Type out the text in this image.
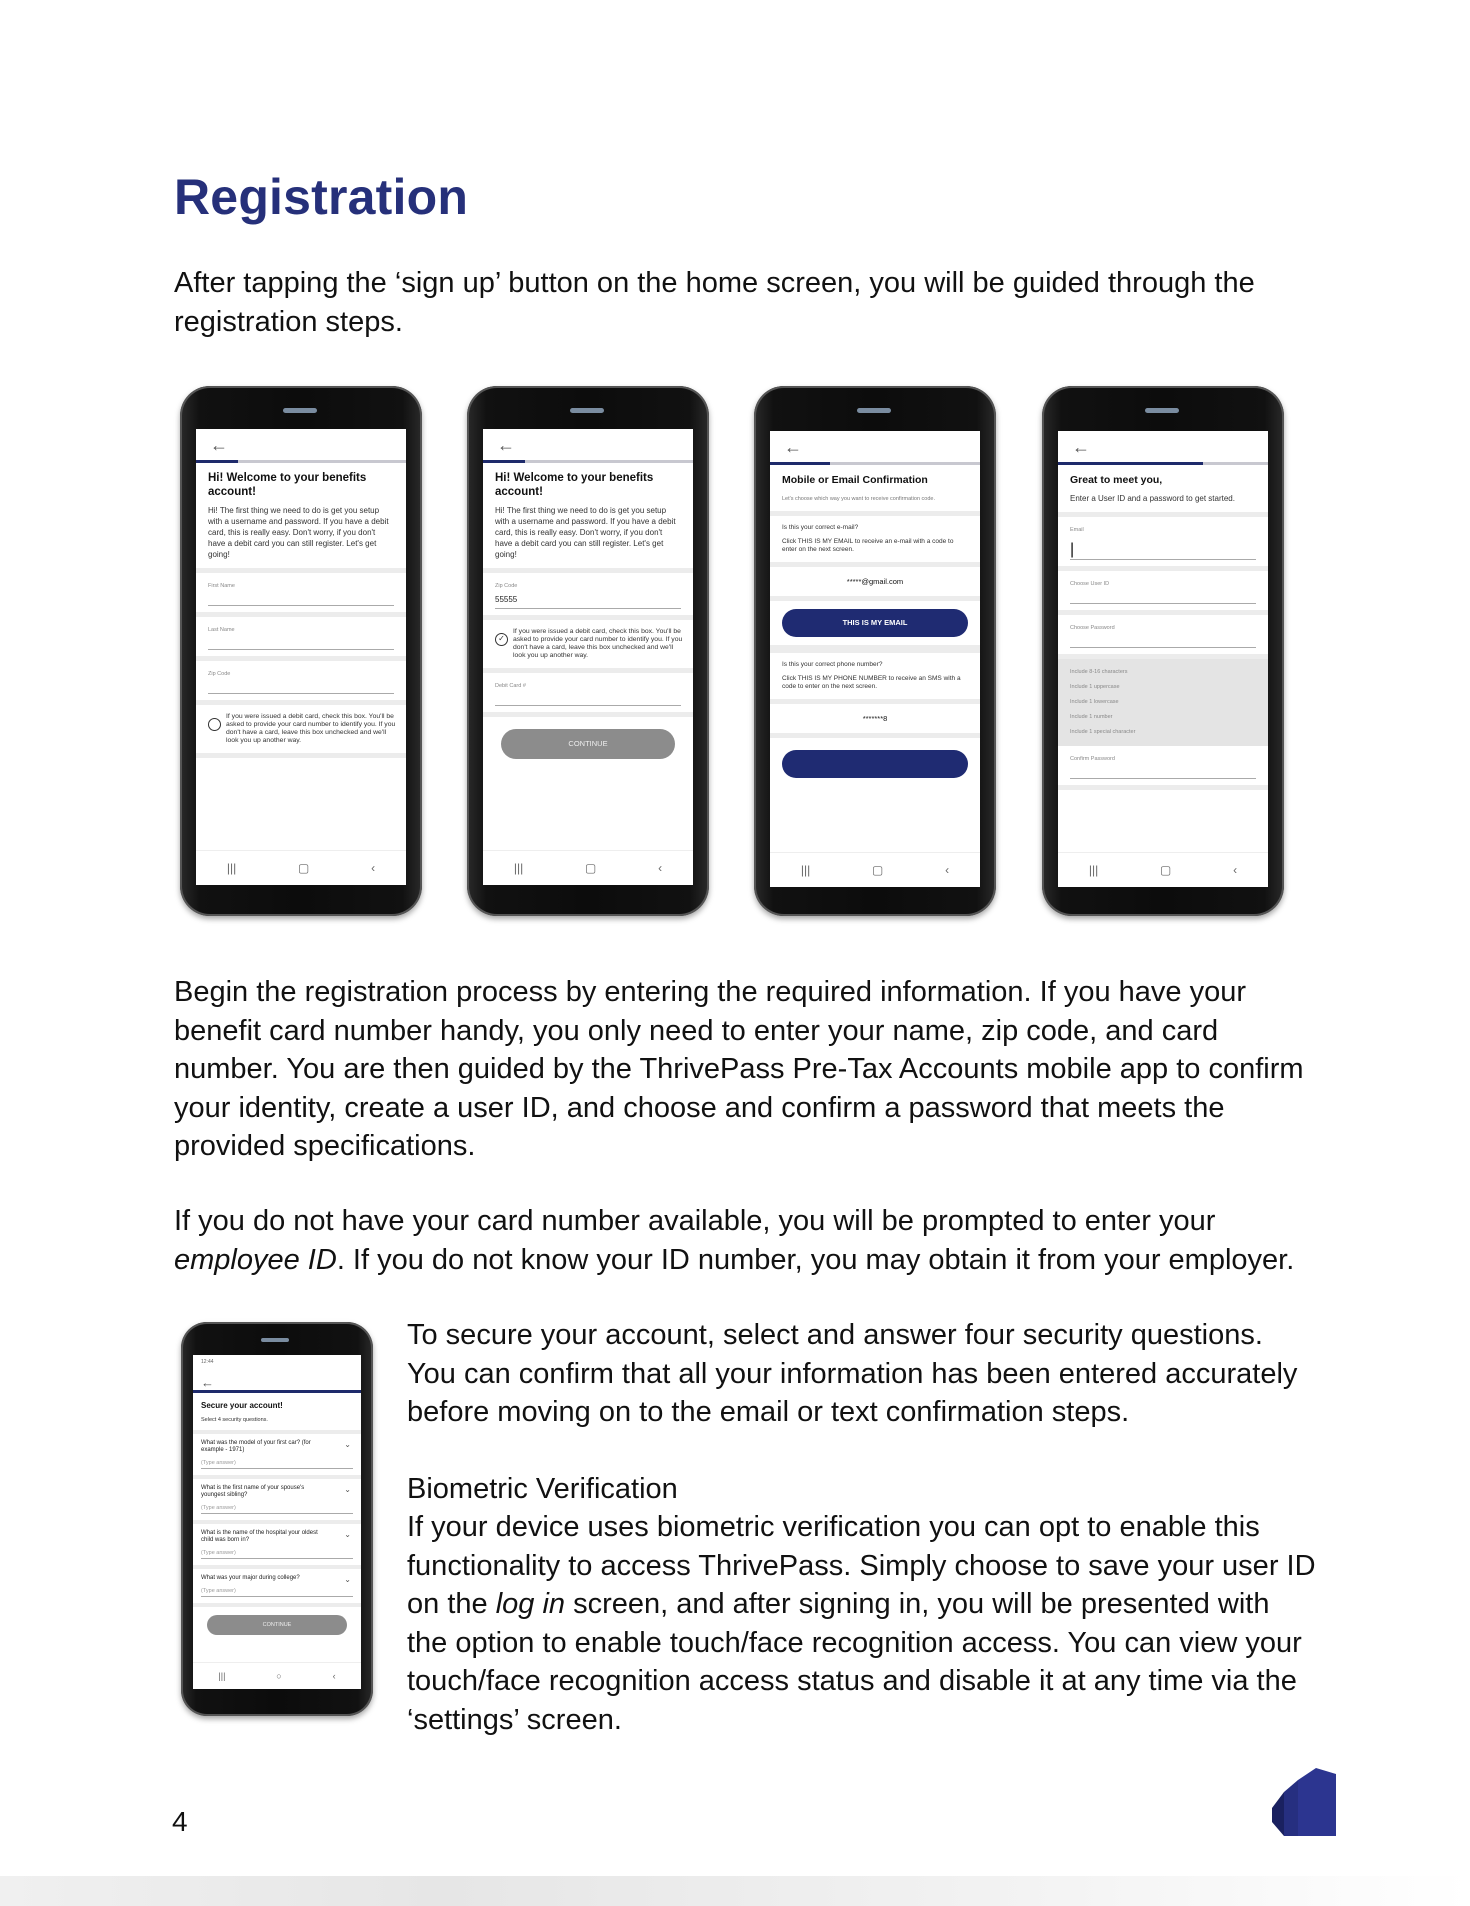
Registration

After tapping the ‘sign up’ button on the home screen, you will be guided through the registration steps.

←
Hi! Welcome to your benefits account!
Hi! The first thing we need to do is get you setup with a username and password. If you have a debit card, this is really easy. Don't worry, if you don't have a debit card you can still register. Let's get going!
First Name
Last Name
Zip Code
If you were issued a debit card, check this box. You'll be asked to provide your card number to identify you. If you don't have a card, leave this box unchecked and we'll look you up another way.
|||	▢	‹
←
Hi! Welcome to your benefits account!
Hi! The first thing we need to do is get you setup with a username and password. If you have a debit card, this is really easy. Don't worry, if you don't have a debit card you can still register. Let's get going!
Zip Code
55555
✓
If you were issued a debit card, check this box. You'll be asked to provide your card number to identify you. If you don't have a card, leave this box unchecked and we'll look you up another way.
Debit Card #
CONTINUE
|||	▢	‹
←
Mobile or Email Confirmation
Let's choose which way you want to receive confirmation code.
Is this your correct e-mail?
Click THIS IS MY EMAIL to receive an e-mail with a code to enter on the next screen.
*****@gmail.com
THIS IS MY EMAIL
Is this your correct phone number?
Click THIS IS MY PHONE NUMBER to receive an SMS with a code to enter on the next screen.
*******8
|||	▢	‹
←
Great to meet you,
Enter a User ID and a password to get started.
Email
|
Choose User ID
Choose Password
Include 8-16 characters
Include 1 uppercase
Include 1 lowercase
Include 1 number
Include 1 special character
Confirm Password
|||	▢	‹

Begin the registration process by entering the required information. If you have your benefit card number handy, you only need to enter your name, zip code, and card number. You are then guided by the ThrivePass Pre-Tax Accounts mobile app to confirm your identity, create a user ID, and choose and confirm a password that meets the provided specifications.

If you do not have your card number available, you will be prompted to enter your employee ID. If you do not know your ID number, you may obtain it from your employer.

12:44
←
Secure your account!
Select 4 security questions.
What was the model of your first car? (for example - 1971)
⌄
(Type answer)
What is the first name of your spouse's youngest sibling?
⌄
(Type answer)
What is the name of the hospital your oldest child was born in?
⌄
(Type answer)
What was your major during college?	⌄
(Type answer)
CONTINUE
|||	○	‹

To secure your account, select and answer four security questions. You can confirm that all your information has been entered accurately before moving on to the email or text confirmation steps.

Biometric Verification

If your device uses biometric verification you can opt to enable this functionality to access ThrivePass. Simply choose to save your user ID on the log in screen, and after signing in, you will be presented with the option to enable touch/face recognition access. You can view your touch/face recognition access status and disable it at any time via the ‘settings’ screen.

4
